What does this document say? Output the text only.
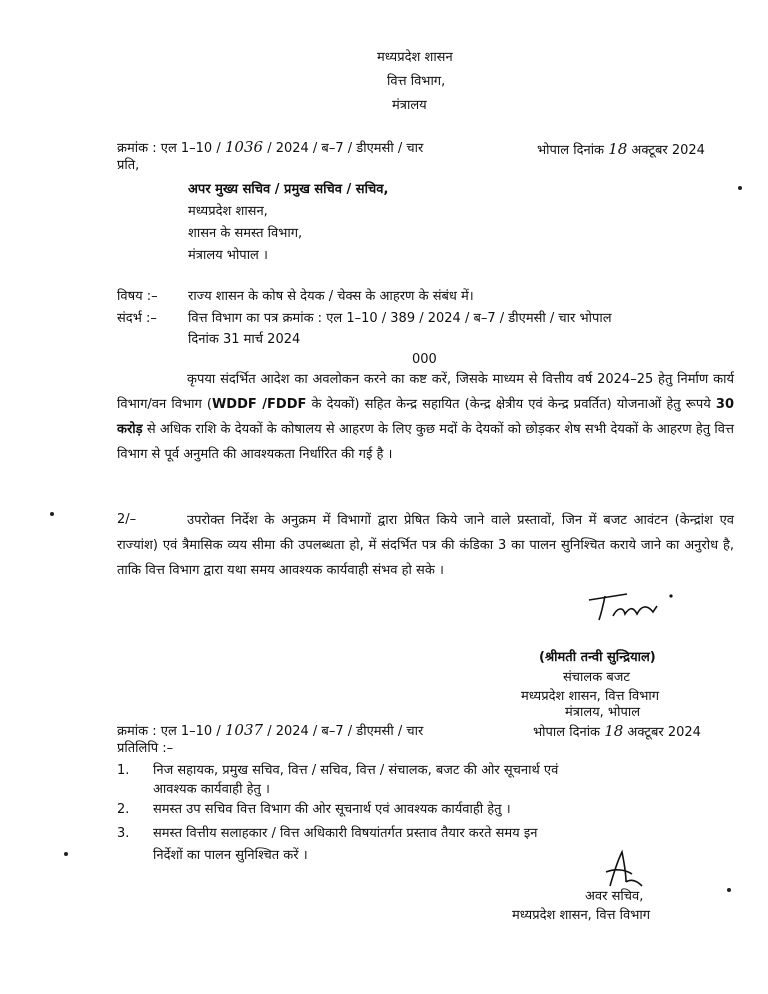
मध्यप्रदेश शासन
वित्त विभाग,
मंत्रालय
क्रमांक : एल 1–10 / 1036 / 2024 / ब–7 / डीएमसी / चार	भोपाल दिनांक 18 अक्टूबर 2024
प्रति,
अपर मुख्य सचिव / प्रमुख सचिव / सचिव,
मध्यप्रदेश शासन,
शासन के समस्त विभाग,
मंत्रालय भोपाल ।
विषय :– राज्य शासन के कोष से देयक / चेक्स के आहरण के संबंध में।
संदर्भ :– वित्त विभाग का पत्र क्रमांक : एल 1–10 / 389 / 2024 / ब–7 / डीएमसी / चार भोपाल
दिनांक 31 मार्च 2024
000
कृपया संदर्भित आदेश का अवलोकन करने का कष्ट करें, जिसके माध्यम से वित्तीय वर्ष 2024–25 हेतु निर्माण कार्य विभाग/वन विभाग (WDDF /FDDF के देयकों) सहित केन्द्र सहायित (केन्द्र क्षेत्रीय एवं केन्द्र प्रवर्तित) योजनाओं हेतु रूपये 30 करोड़ से अधिक राशि के देयकों के कोषालय से आहरण के लिए कुछ मदों के देयकों को छोड़कर शेष सभी देयकों के आहरण हेतु वित्त विभाग से पूर्व अनुमति की आवश्यकता निर्धारित की गई है ।
2/–	उपरोक्त निर्देश के अनुक्रम में विभागों द्वारा प्रेषित किये जाने वाले प्रस्तावों, जिन में बजट आवंटन (केन्द्रांश एव राज्यांश) एवं त्रैमासिक व्यय सीमा की उपलब्धता हो, में संदर्भित पत्र की कंडिका 3 का पालन सुनिश्चित कराये जाने का अनुरोध है, ताकि वित्त विभाग द्वारा यथा समय आवश्यक कार्यवाही संभव हो सके ।
(श्रीमती तन्वी सुन्द्रियाल)
संचालक बजट
मध्यप्रदेश शासन, वित्त विभाग
मंत्रालय, भोपाल
क्रमांक : एल 1–10 / 1037 / 2024 / ब–7 / डीएमसी / चार	भोपाल दिनांक 18 अक्टूबर 2024
प्रतिलिपि :–
1. निज सहायक, प्रमुख सचिव, वित्त / सचिव, वित्त / संचालक, बजट की ओर सूचनार्थ एवं
आवश्यक कार्यवाही हेतु ।
2. समस्त उप सचिव वित्त विभाग की ओर सूचनार्थ एवं आवश्यक कार्यवाही हेतु ।
3. समस्त वित्तीय सलाहकार / वित्त अधिकारी विषयांतर्गत प्रस्ताव तैयार करते समय इन
निर्देशों का पालन सुनिश्चित करें ।
अवर सचिव,
मध्यप्रदेश शासन, वित्त विभाग
